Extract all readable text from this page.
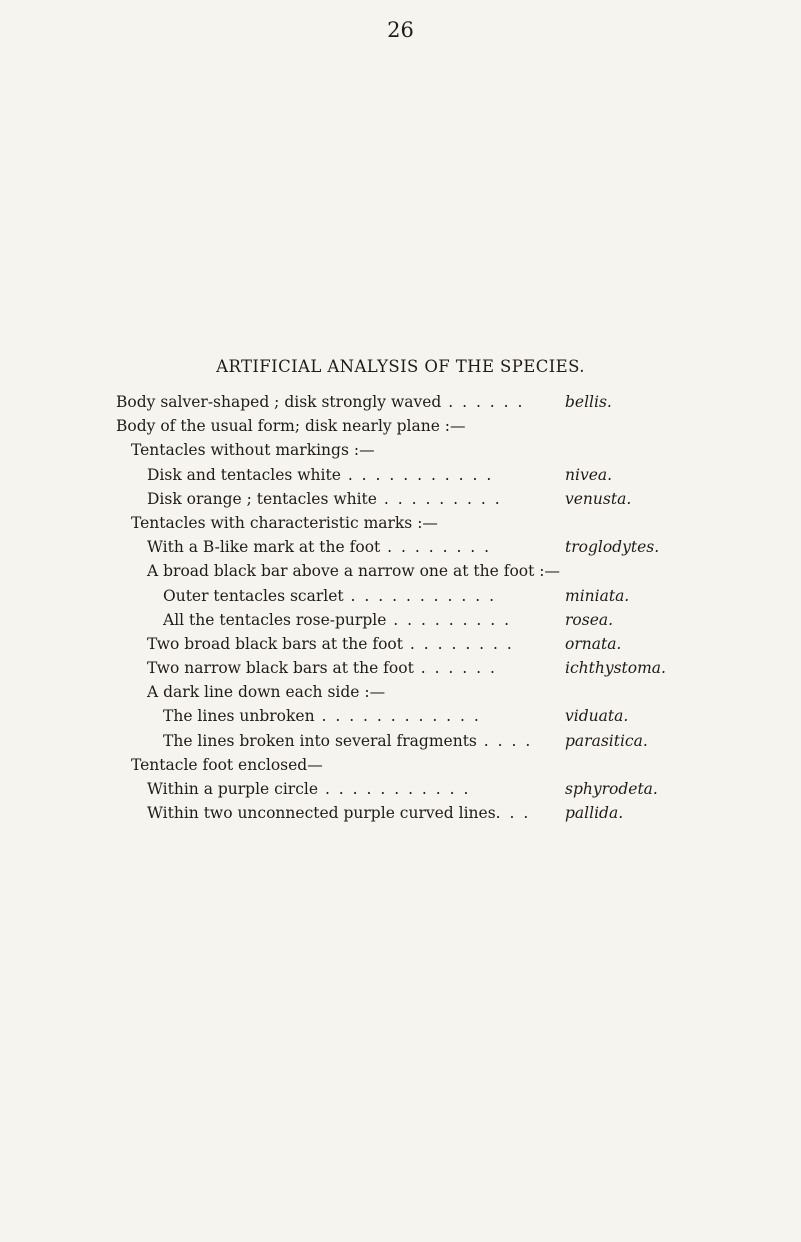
26
ARTIFICIAL ANALYSIS OF THE SPECIES.
Body salver-shaped ; disk strongly waved . . . . . .	bellis.
Body of the usual form; disk nearly plane :—
Tentacles without markings :—
Disk and tentacles white . . . . . . . . . . .	nivea.
Disk orange ; tentacles white . . . . . . . . .	venusta.
Tentacles with characteristic marks :—
With a B-like mark at the foot . . . . . . . .	troglodytes.
A broad black bar above a narrow one at the foot :—
Outer tentacles scarlet . . . . . . . . . . .	miniata.
All the tentacles rose-purple . . . . . . . . .	rosea.
Two broad black bars at the foot . . . . . . . .	ornata.
Two narrow black bars at the foot . . . . . .	ichthystoma.
A dark line down each side :—
The lines unbroken . . . . . . . . . . . .	viduata.
The lines broken into several fragments . . . . parasitica.
Tentacle foot enclosed—
Within a purple circle . . . . . . . . . . .	sphyrodeta.
Within two unconnected purple curved lines. . . pallida.
